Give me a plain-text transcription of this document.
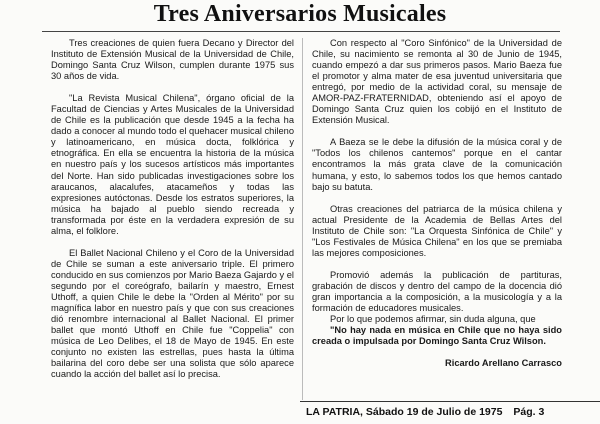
Tres Aniversarios Musicales

Tres creaciones de quien fuera Decano y Director del Instituto de Extensión Musical de la Universidad de Chile, Domingo Santa Cruz Wilson, cumplen durante 1975 sus 30 años de vida.

"La Revista Musical Chilena", órgano oficial de la Facultad de Ciencias y Artes Musicales de la Universidad de Chile es la publicación que desde 1945 a la fecha ha dado a conocer al mundo todo el quehacer musical chileno y latinoamericano, en música docta, folklórica y etnográfica. En ella se encuentra la historia de la música en nuestro país y los sucesos artísticos más importantes del Norte. Han sido publicadas investigaciones sobre los araucanos, alacalufes, atacameños y todas las expresiones autóctonas. Desde los estratos superiores, la música ha bajado al pueblo siendo recreada y transformada por éste en la verdadera expresión de su alma, el folklore.

El Ballet Nacional Chileno y el Coro de la Universidad de Chile se suman a este aniversario triple. El primero conducido en sus comienzos por Mario Baeza Gajardo y el segundo por el coreógrafo, bailarín y maestro, Ernest Uthoff, a quien Chile le debe la "Orden al Mérito" por su magnífica labor en nuestro país y que con sus creaciones dió renombre internacional al Ballet Nacional. El primer ballet que montó Uthoff en Chile fue "Coppelia" con música de Leo Delibes, el 18 de Mayo de 1945. En este conjunto no existen las estrellas, pues hasta la última bailarina del coro debe ser una solista que sólo aparece cuando la acción del ballet así lo precisa.

Con respecto al "Coro Sinfónico" de la Universidad de Chile, su nacimiento se remonta al 30 de Junio de 1945, cuando empezó a dar sus primeros pasos. Mario Baeza fue el promotor y alma mater de esa juventud universitaria que entregó, por medio de la actividad coral, su mensaje de AMOR-PAZ-FRATERNIDAD, obteniendo así el apoyo de Domingo Santa Cruz quien los cobijó en el Instituto de Extensión Musical.

A Baeza se le debe la difusión de la música coral y de "Todos los chilenos cantemos" porque en el cantar encontramos la más grata clave de la comunicación humana, y esto, lo sabemos todos los que hemos cantado bajo su batuta.

Otras creaciones del patriarca de la música chilena y actual Presidente de la Academia de Bellas Artes del Instituto de Chile son: "La Orquesta Sinfónica de Chile" y "Los Festivales de Música Chilena" en los que se premiaba las mejores composiciones.

Promovió además la publicación de partituras, grabación de discos y dentro del campo de la docencia dió gran importancia a la composición, a la musicología y a la formación de educadores musicales.

Por lo que podemos afirmar, sin duda alguna, que

"No hay nada en música en Chile que no haya sido creada o impulsada por Domingo Santa Cruz Wilson.

Ricardo Arellano Carrasco

LA PATRIA, Sábado 19 de Julio de 1975 Pág. 3
